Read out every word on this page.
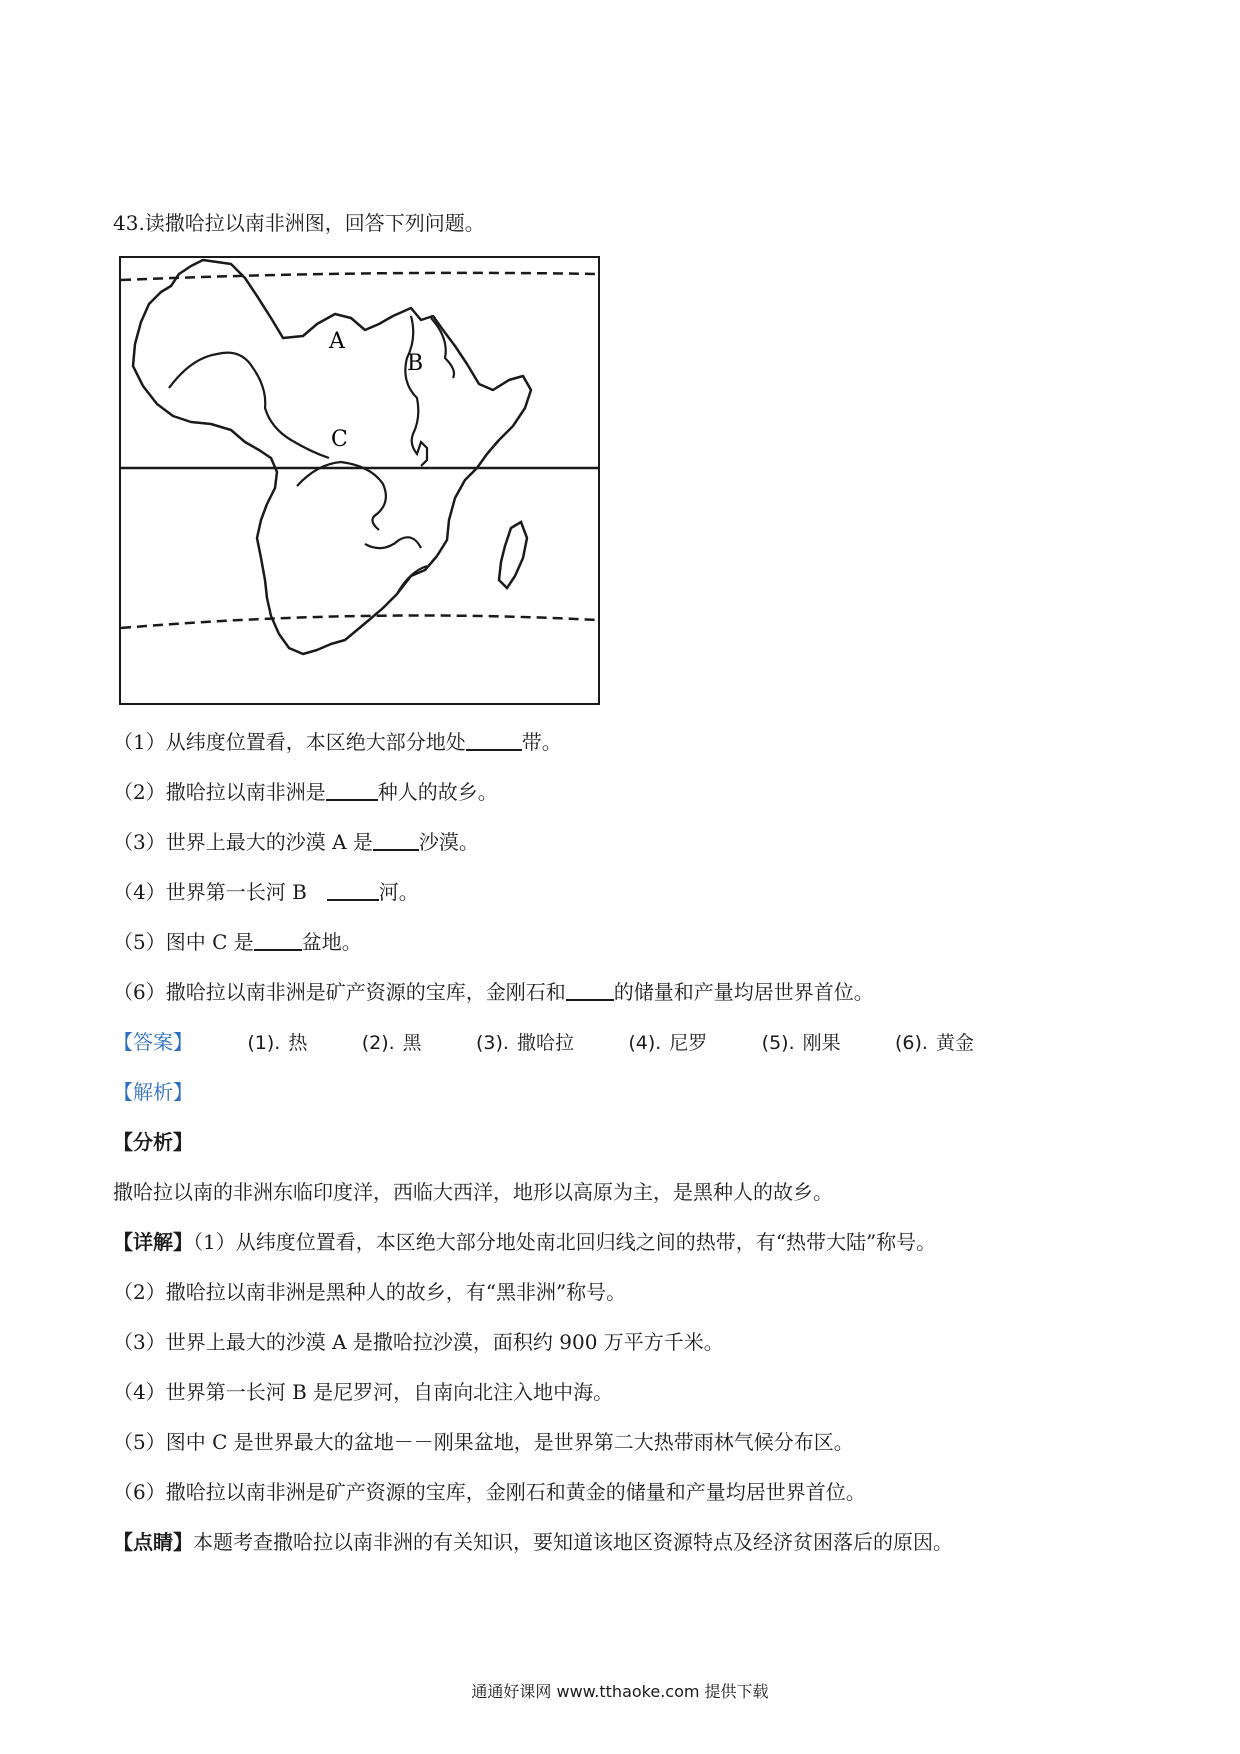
43.读撒哈拉以南非洲图，回答下列问题。
A
B
C
（1）从纬度位置看，本区绝大部分地处	带。
（2）撒哈拉以南非洲是	种人的故乡。
（3）世界上最大的沙漠 A 是 沙漠。
（4）世界第一长河 B　	河。
（5）图中 C 是 盆地。
（6）撒哈拉以南非洲是矿产资源的宝库，金刚石和 的储量和产量均居世界首位。
【答案】	(1). 热	(2). 黑	(3). 撒哈拉	(4). 尼罗	(5). 刚果	(6). 黄金
【解析】
【分析】
撒哈拉以南的非洲东临印度洋，西临大西洋，地形以高原为主，是黑种人的故乡。
【详解】（1）从纬度位置看，本区绝大部分地处南北回归线之间的热带，有“热带大陆”称号。
（2）撒哈拉以南非洲是黑种人的故乡，有“黑非洲”称号。
（3）世界上最大的沙漠 A 是撒哈拉沙漠，面积约 900 万平方千米。
（4）世界第一长河 B 是尼罗河，自南向北注入地中海。
（5）图中 C 是世界最大的盆地－－刚果盆地，是世界第二大热带雨林气候分布区。
（6）撒哈拉以南非洲是矿产资源的宝库，金刚石和黄金的储量和产量均居世界首位。
【点睛】本题考查撒哈拉以南非洲的有关知识，要知道该地区资源特点及经济贫困落后的原因。
通通好课网 www.tthaoke.com 提供下载
